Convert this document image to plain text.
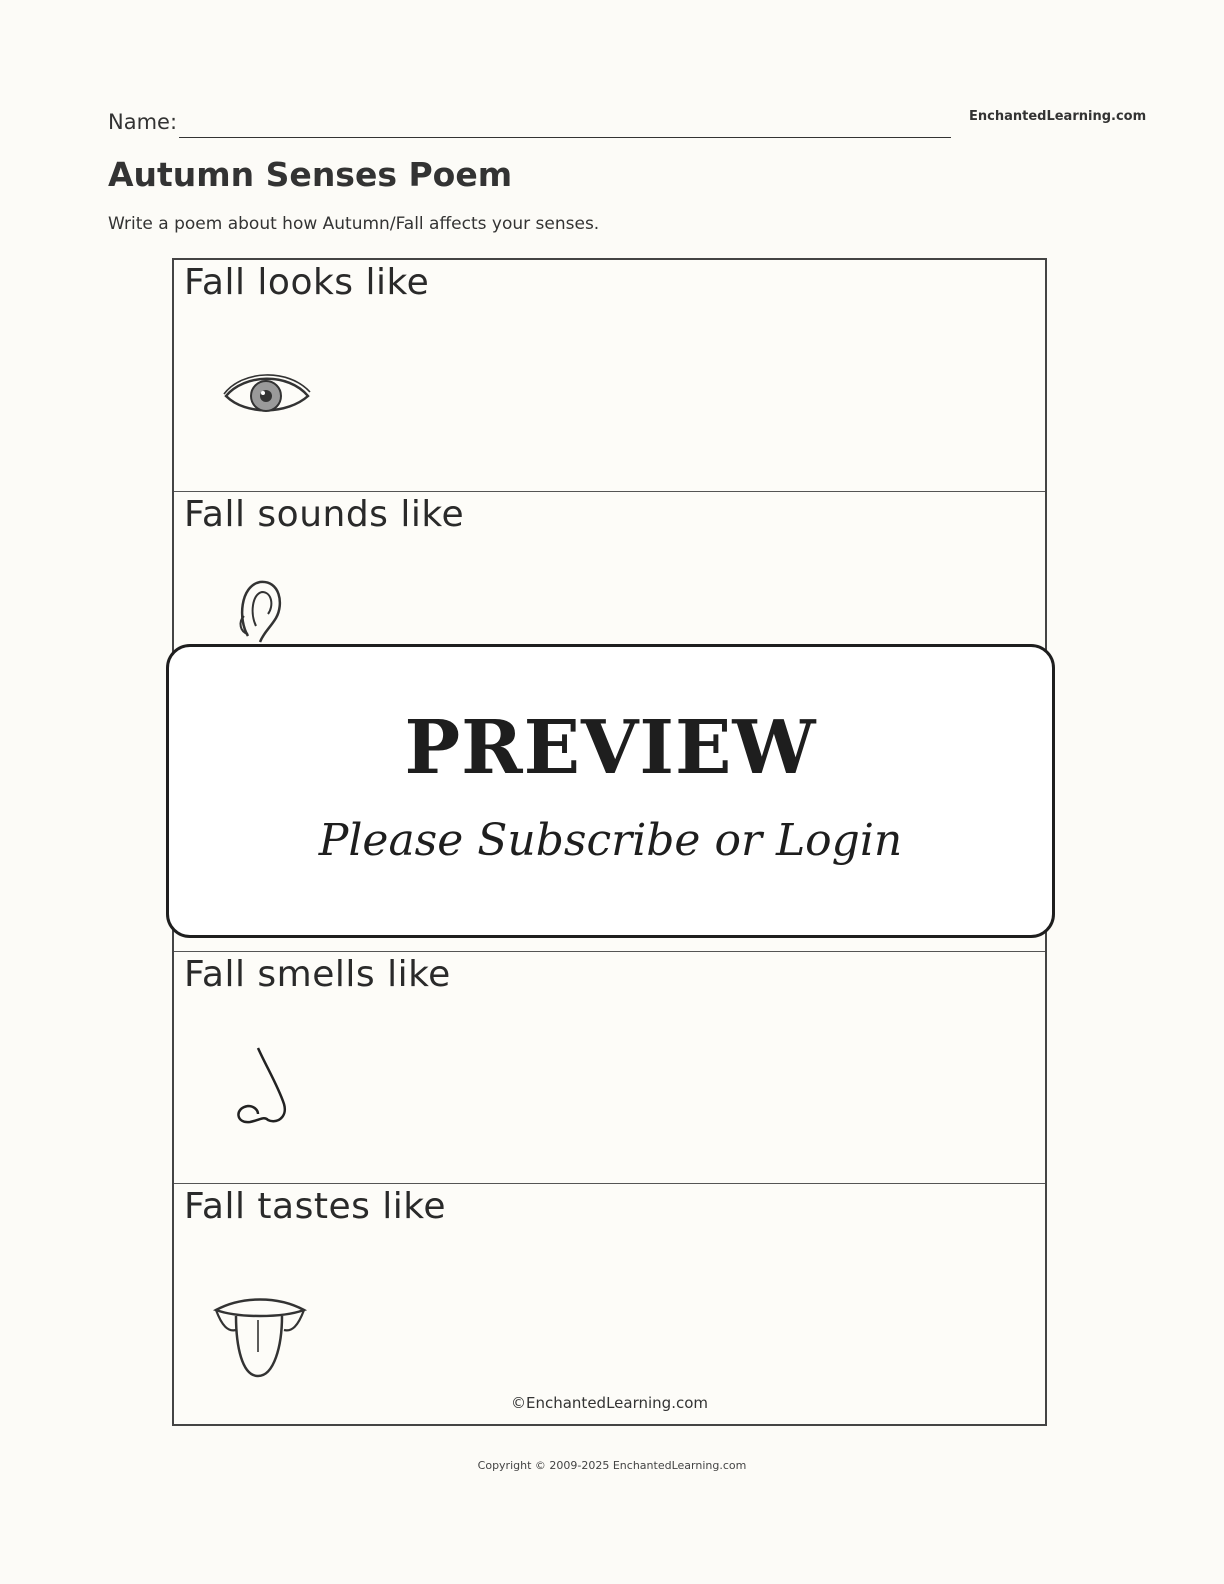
Name:	EnchantedLearning.com
Autumn Senses Poem
Write a poem about how Autumn/Fall affects your senses.
Fall looks like
Fall sounds like
Fall smells like
Fall tastes like
©EnchantedLearning.com
PREVIEW
Please Subscribe or Login
Copyright © 2009-2025 EnchantedLearning.com
